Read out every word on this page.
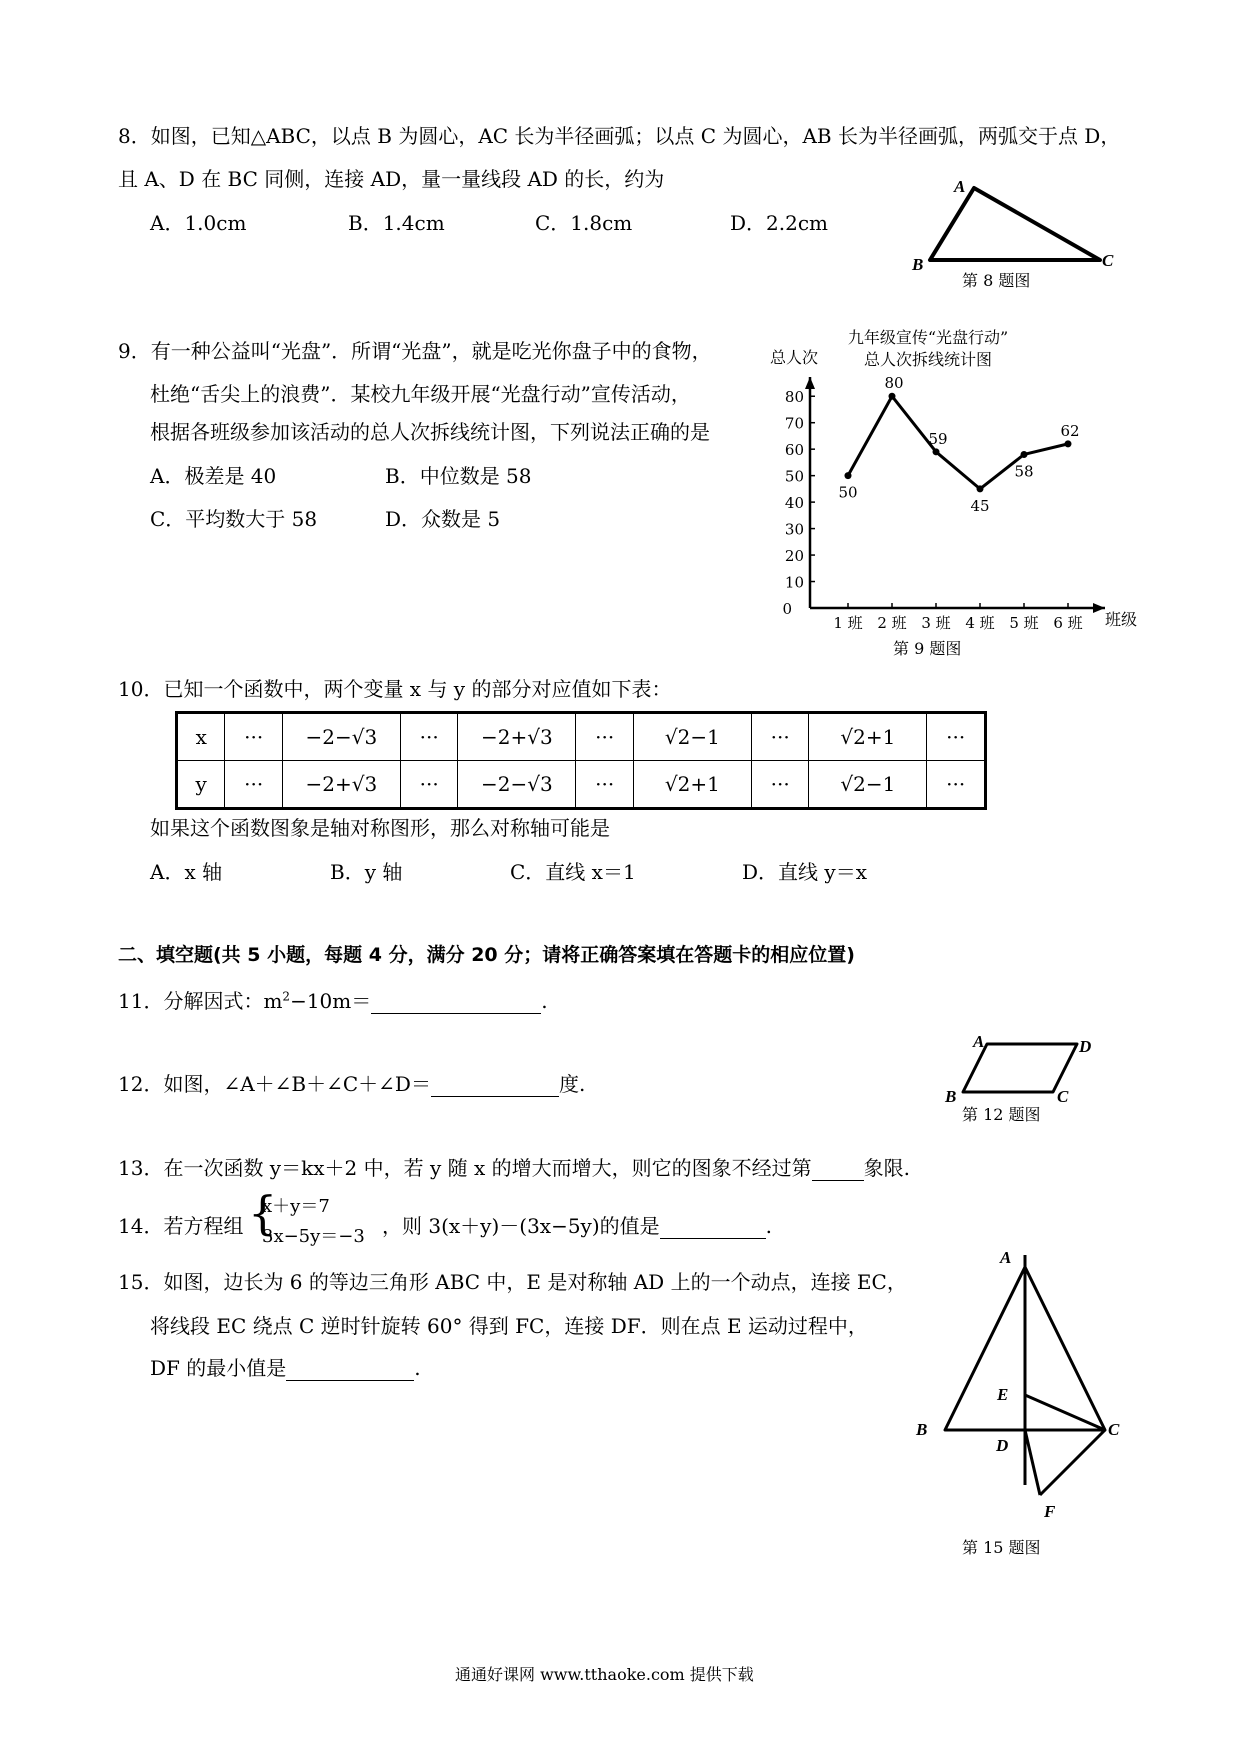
8．如图，已知△ABC，以点 B 为圆心，AC 长为半径画弧；以点 C 为圆心，AB 长为半径画弧，两弧交于点 D，
且 A、D 在 BC 同侧，连接 AD，量一量线段 AD 的长，约为
A．1.0cm	B．1.4cm	C．1.8cm	D．2.2cm
A
B	C
第 8 题图
9．有一种公益叫“光盘”．所谓“光盘”，就是吃光你盘子中的食物，
杜绝“舌尖上的浪费”．某校九年级开展“光盘行动”宣传活动，
根据各班级参加该活动的总人次拆线统计图，下列说法正确的是
A．极差是 40	B．中位数是 58
C．平均数大于 58	D．众数是 5
九年级宣传“光盘行动”
总人次拆线统计图
总人次
班级
0
10
20
30
40
50
60
70
80
1 班 2 班 3 班 4 班 5 班 6 班
50
80
59
45
58
62
第 9 题图
10．已知一个函数中，两个变量 x 与 y 的部分对应值如下表：
x	···	−2−√3	···	−2+√3	···	√2−1	···	√2+1	···
y	···	−2+√3	···	−2−√3	···	√2+1	···	√2−1	···
如果这个函数图象是轴对称图形，那么对称轴可能是
A．x 轴	B．y 轴	C．直线 x＝1	D．直线 y＝x
二、填空题(共 5 小题，每题 4 分，满分 20 分；请将正确答案填在答题卡的相应位置)
11．分解因式：$m^2-10m=$	.
12．如图，∠A＋∠B＋∠C＋∠D＝	度.
A	D
B	C
第 12 题图
13．在一次函数 y＝kx＋2 中，若 y 随 x 的增大而增大，则它的图象不经过第	象限.
14．若方程组 {
x＋y＝7
3x−5y＝−3 ，则 3(x＋y)－(3x−5y)的值是	.
15．如图，边长为 6 的等边三角形 ABC 中，E 是对称轴 AD 上的一个动点，连接 EC，
将线段 EC 绕点 C 逆时针旋转 60° 得到 FC，连接 DF．则在点 E 运动过程中，
DF 的最小值是	.
A
E
B
D
C
F
第 15 题图
通通好课网 www.tthaoke.com 提供下载
